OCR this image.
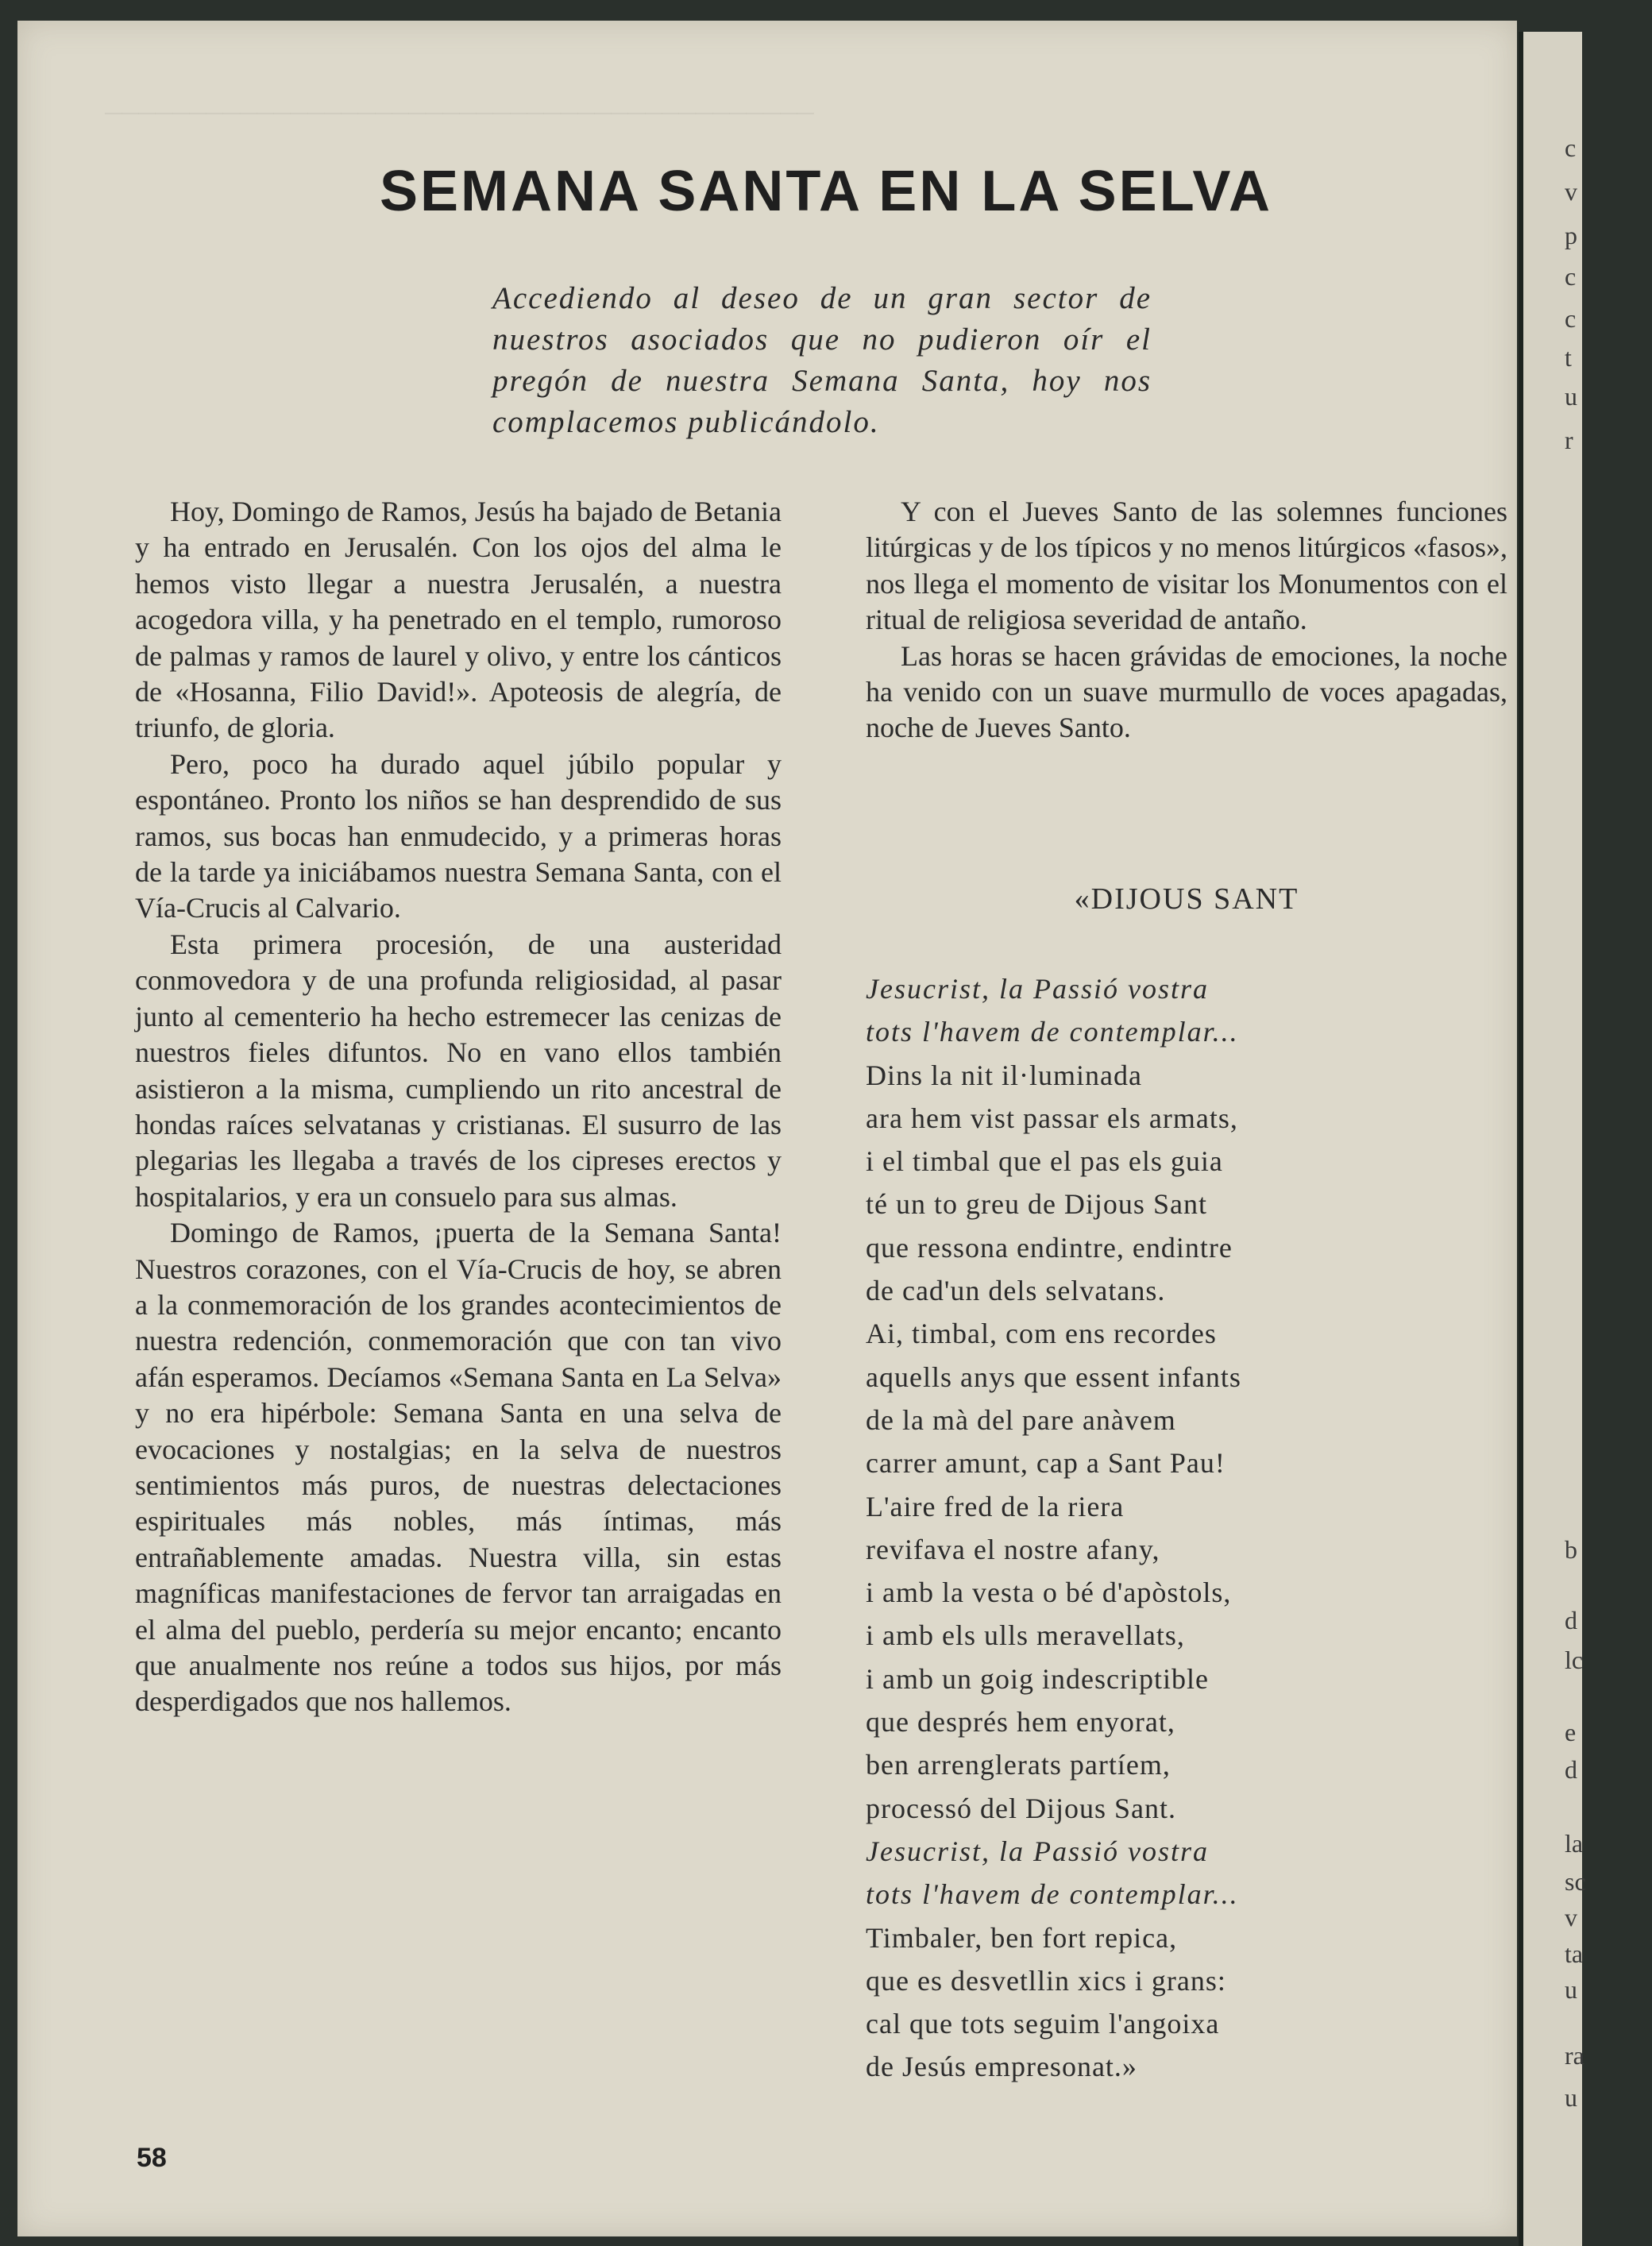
──────────────────────────────────────────
c
v
p
c
c
t
u
r
b
d
lc
e
d
la
sc
v
ta
u
ra
u
SEMANA SANTA EN LA SELVA
Accediendo al deseo de un gran sector de nuestros asociados que no pudieron oír el pregón de nuestra Semana Santa, hoy nos complacemos publicándolo.

Hoy, Domingo de Ramos, Jesús ha bajado de Betania y ha entrado en Jerusalén. Con los ojos del alma le hemos visto llegar a nuestra Jerusalén, a nuestra acogedora villa, y ha penetrado en el templo, rumoroso de palmas y ramos de laurel y olivo, y entre los cánticos de «Hosanna, Filio David!». Apoteosis de alegría, de triunfo, de gloria.

Pero, poco ha durado aquel júbilo popular y espontáneo. Pronto los niños se han desprendido de sus ramos, sus bocas han enmudecido, y a primeras horas de la tarde ya iniciábamos nuestra Semana Santa, con el Vía-Crucis al Calvario.

Esta primera procesión, de una austeridad conmovedora y de una profunda religiosidad, al pasar junto al cementerio ha hecho estremecer las cenizas de nuestros fieles difuntos. No en vano ellos también asistieron a la misma, cumpliendo un rito ancestral de hondas raíces selvatanas y cristianas. El susurro de las plegarias les llegaba a través de los cipreses erectos y hospitalarios, y era un consuelo para sus almas.

Domingo de Ramos, ¡puerta de la Semana Santa! Nuestros corazones, con el Vía-Crucis de hoy, se abren a la conmemoración de los grandes acontecimientos de nuestra redención, conmemoración que con tan vivo afán esperamos. Decíamos «Semana Santa en La Selva» y no era hipérbole: Semana Santa en una selva de evocaciones y nostalgias; en la selva de nuestros sentimientos más puros, de nuestras delectaciones espirituales más nobles, más íntimas, más entrañablemente amadas. Nuestra villa, sin estas magníficas manifestaciones de fervor tan arraigadas en el alma del pueblo, perdería su mejor encanto; encanto que anualmente nos reúne a todos sus hijos, por más desperdigados que nos hallemos.

Y con el Jueves Santo de las solemnes funciones litúrgicas y de los típicos y no menos litúrgicos «fasos», nos llega el momento de visitar los Monumentos con el ritual de religiosa severidad de antaño.

Las horas se hacen grávidas de emociones, la noche ha venido con un suave murmullo de voces apagadas, noche de Jueves Santo.

«DIJOUS SANT
Jesucrist, la Passió vostra
tots l'havem de contemplar...
Dins la nit il·luminada
ara hem vist passar els armats,
i el timbal que el pas els guia
té un to greu de Dijous Sant
que ressona endintre, endintre
de cad'un dels selvatans.
Ai, timbal, com ens recordes
aquells anys que essent infants
de la mà del pare anàvem
carrer amunt, cap a Sant Pau!
L'aire fred de la riera
revifava el nostre afany,
i amb la vesta o bé d'apòstols,
i amb els ulls meravellats,
i amb un goig indescriptible
que després hem enyorat,
ben arrenglerats partíem,
processó del Dijous Sant.
Jesucrist, la Passió vostra
tots l'havem de contemplar...
Timbaler, ben fort repica,
que es desvetllin xics i grans:
cal que tots seguim l'angoixa
de Jesús empresonat.»
58
